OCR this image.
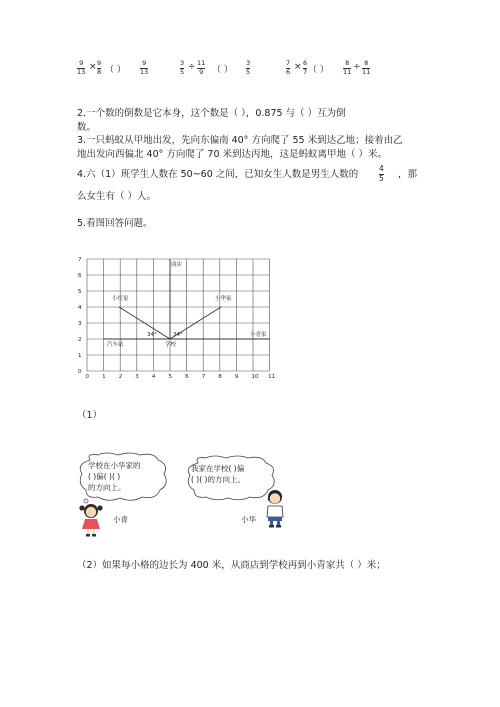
9
13 × 9
8 （ ）
9
13
3
5 ÷ 11
9 （ ）
3
5
7
6 × 6
7 （ ）
8
11 ÷ 8
11
2.一个数的倒数是它本身，这个数是（ ），0.875 与（ ）互为倒
数。
3.一只蚂蚁从甲地出发，先向东偏南 40° 方向爬了 55 米到达乙地；接着由乙
地出发向西偏北 40° 方向爬了 70 米到达丙地，这是蚂蚁离甲地（ ）米。
4.六（1）班学生人数在 50~60 之间，已知女生人数是男生人数的
4
5 ，那
么女生有（ ）人。
5.看图回答问题。
0 1 2 3 4 5 6 7 8 9 10 11
0
1
2
3
4
5
6
7
商店
小红家	小华家
汽车站	学校
小青家
34°	34°
（1）
学校在小华家的
( )偏( )( )
的方向上。
小青
我家在学校( )偏
( )( )的方向上。
小华
（2）如果每小格的边长为 400 米，从商店到学校再到小青家共（ ）米；
